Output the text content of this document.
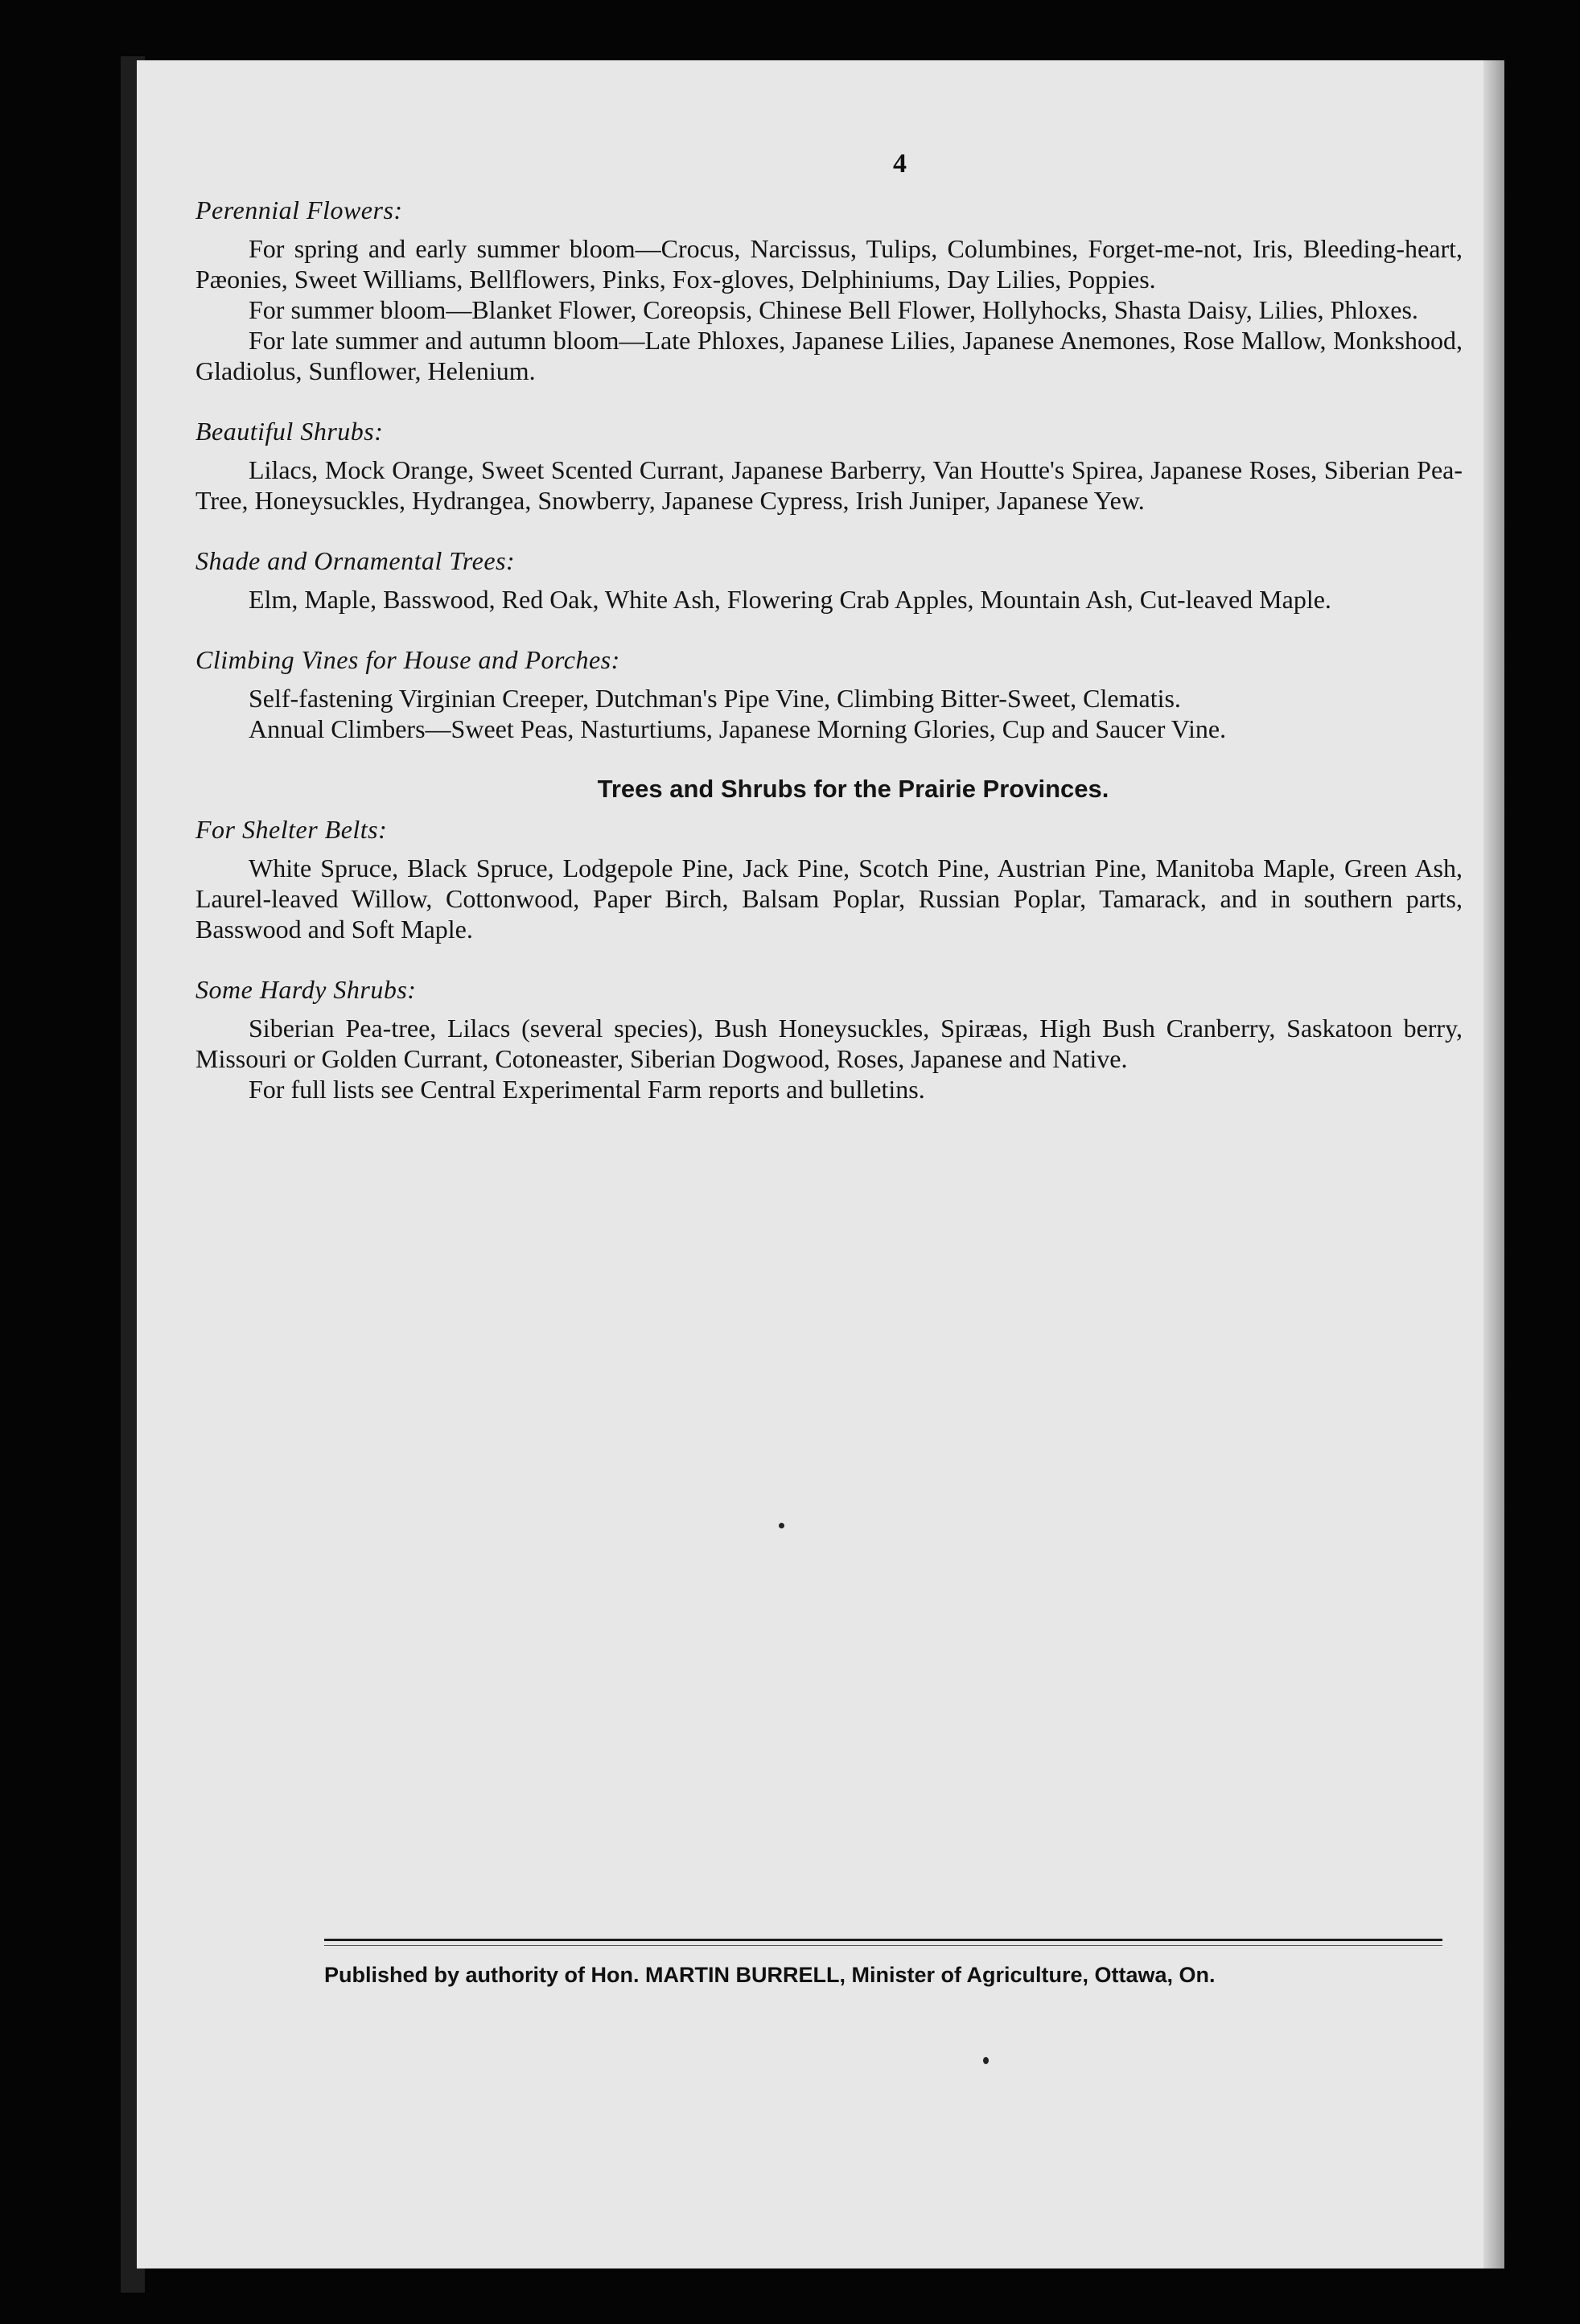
4
Perennial Flowers:

For spring and early summer bloom—Crocus, Narcissus, Tulips, Columbines, Forget-me-not, Iris, Bleeding-heart, Pæonies, Sweet Williams, Bellflowers, Pinks, Fox-gloves, Delphiniums, Day Lilies, Poppies.

For summer bloom—Blanket Flower, Coreopsis, Chinese Bell Flower, Hollyhocks, Shasta Daisy, Lilies, Phloxes.

For late summer and autumn bloom—Late Phloxes, Japanese Lilies, Japanese Anemones, Rose Mallow, Monkshood, Gladiolus, Sunflower, Helenium.

Beautiful Shrubs:

Lilacs, Mock Orange, Sweet Scented Currant, Japanese Barberry, Van Houtte's Spirea, Japanese Roses, Siberian Pea-Tree, Honeysuckles, Hydrangea, Snowberry, Japanese Cypress, Irish Juniper, Japanese Yew.

Shade and Ornamental Trees:

Elm, Maple, Basswood, Red Oak, White Ash, Flowering Crab Apples, Mountain Ash, Cut-leaved Maple.

Climbing Vines for House and Porches:

Self-fastening Virginian Creeper, Dutchman's Pipe Vine, Climbing Bitter-Sweet, Clematis.

Annual Climbers—Sweet Peas, Nasturtiums, Japanese Morning Glories, Cup and Saucer Vine.

Trees and Shrubs for the Prairie Provinces.
For Shelter Belts:

White Spruce, Black Spruce, Lodgepole Pine, Jack Pine, Scotch Pine, Austrian Pine, Manitoba Maple, Green Ash, Laurel-leaved Willow, Cottonwood, Paper Birch, Balsam Poplar, Russian Poplar, Tamarack, and in southern parts, Basswood and Soft Maple.

Some Hardy Shrubs:

Siberian Pea-tree, Lilacs (several species), Bush Honeysuckles, Spiræas, High Bush Cranberry, Saskatoon berry, Missouri or Golden Currant, Cotoneaster, Siberian Dogwood, Roses, Japanese and Native.

For full lists see Central Experimental Farm reports and bulletins.

Published by authority of Hon. MARTIN BURRELL, Minister of Agriculture, Ottawa, On.
